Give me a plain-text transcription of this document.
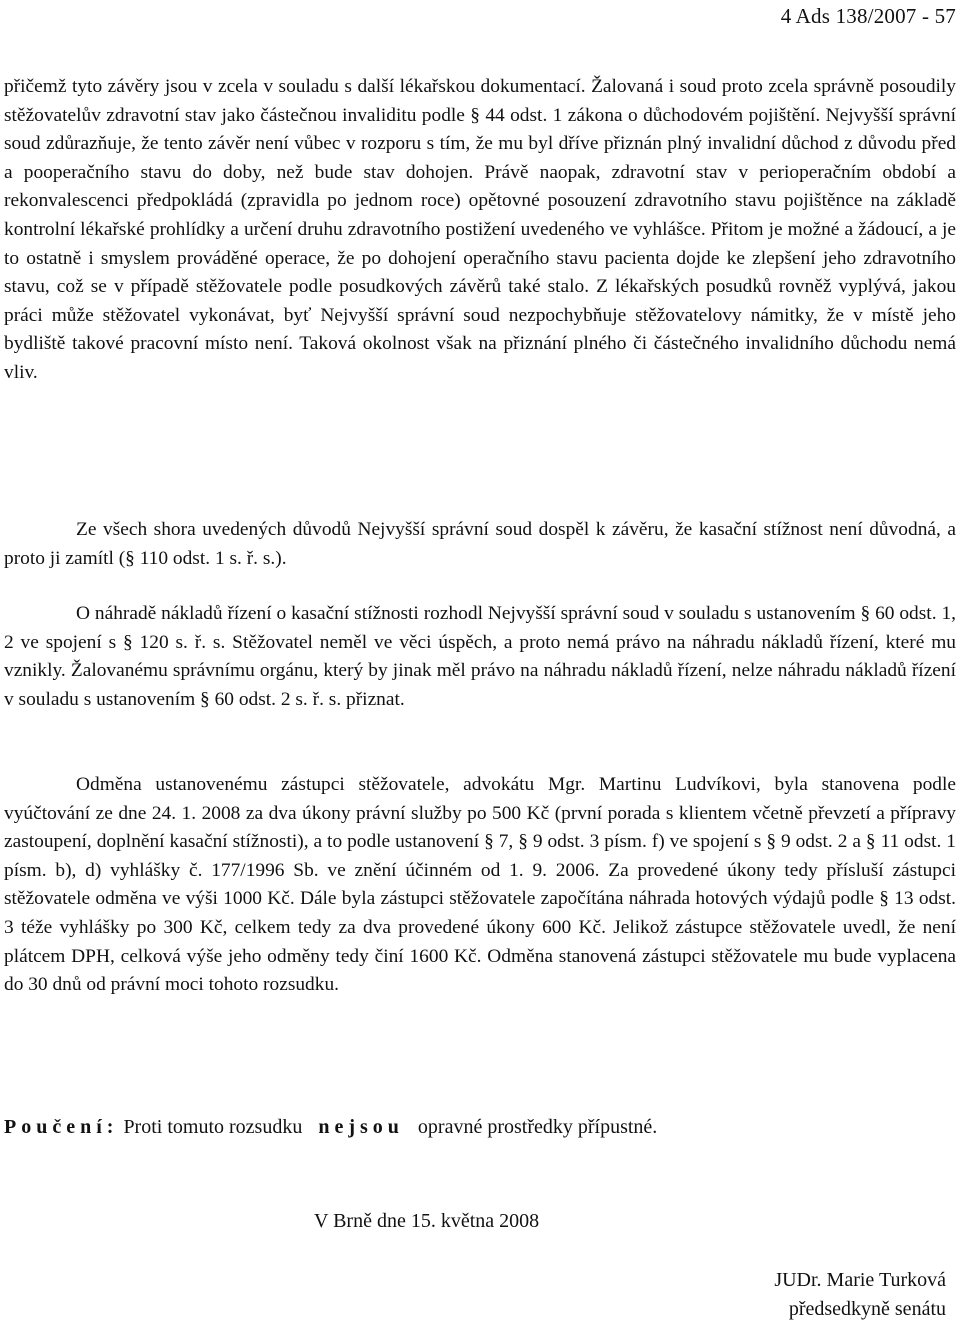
4 Ads 138/2007 - 57

přičemž tyto závěry jsou v zcela v souladu s další lékařskou dokumentací. Žalovaná i soud proto zcela správně posoudily stěžovatelův zdravotní stav jako částečnou invaliditu podle § 44 odst. 1 zákona o důchodovém pojištění. Nejvyšší správní soud zdůrazňuje, že tento závěr není vůbec v rozporu s tím, že mu byl dříve přiznán plný invalidní důchod z důvodu před a pooperačního stavu do doby, než bude stav dohojen. Právě naopak, zdravotní stav v perioperačním období a rekonvalescenci předpokládá (zpravidla po jednom roce) opětovné posouzení zdravotního stavu pojištěnce na základě kontrolní lékařské prohlídky a určení druhu zdravotního postižení uvedeného ve vyhlášce. Přitom je možné a žádoucí, a je to ostatně i smyslem prováděné operace, že po dohojení operačního stavu pacienta dojde ke zlepšení jeho zdravotního stavu, což se v případě stěžovatele podle posudkových závěrů také stalo. Z lékařských posudků rovněž vyplývá, jakou práci může stěžovatel vykonávat, byť Nejvyšší správní soud nezpochybňuje stěžovatelovy námitky, že v místě jeho bydliště takové pracovní místo není. Taková okolnost však na přiznání plného či částečného invalidního důchodu nemá vliv.

Ze všech shora uvedených důvodů Nejvyšší správní soud dospěl k závěru, že kasační stížnost není důvodná, a proto ji zamítl (§ 110 odst. 1 s. ř. s.).

O náhradě nákladů řízení o kasační stížnosti rozhodl Nejvyšší správní soud v souladu s ustanovením § 60 odst. 1, 2 ve spojení s § 120 s. ř. s. Stěžovatel neměl ve věci úspěch, a proto nemá právo na náhradu nákladů řízení, které mu vznikly. Žalovanému správnímu orgánu, který by jinak měl právo na náhradu nákladů řízení, nelze náhradu nákladů řízení v souladu s ustanovením § 60 odst. 2 s. ř. s. přiznat.

Odměna ustanovenému zástupci stěžovatele, advokátu Mgr. Martinu Ludvíkovi, byla stanovena podle vyúčtování ze dne 24. 1. 2008 za dva úkony právní služby po 500 Kč (první porada s klientem včetně převzetí a přípravy zastoupení, doplnění kasační stížnosti), a to podle ustanovení § 7, § 9 odst. 3 písm. f) ve spojení s § 9 odst. 2 a § 11 odst. 1 písm. b), d) vyhlášky č. 177/1996 Sb. ve znění účinném od 1. 9. 2006. Za provedené úkony tedy přísluší zástupci stěžovatele odměna ve výši 1000 Kč. Dále byla zástupci stěžovatele započítána náhrada hotových výdajů podle § 13 odst. 3 téže vyhlášky po 300 Kč, celkem tedy za dva provedené úkony 600 Kč. Jelikož zástupce stěžovatele uvedl, že není plátcem DPH, celková výše jeho odměny tedy činí 1600 Kč. Odměna stanovená zástupci stěžovatele mu bude vyplacena do 30 dnů od právní moci tohoto rozsudku.

Poučení: Proti tomuto rozsudku nejsou opravné prostředky přípustné.
V Brně dne 15. května 2008
JUDr. Marie Turková
předsedkyně senátu
